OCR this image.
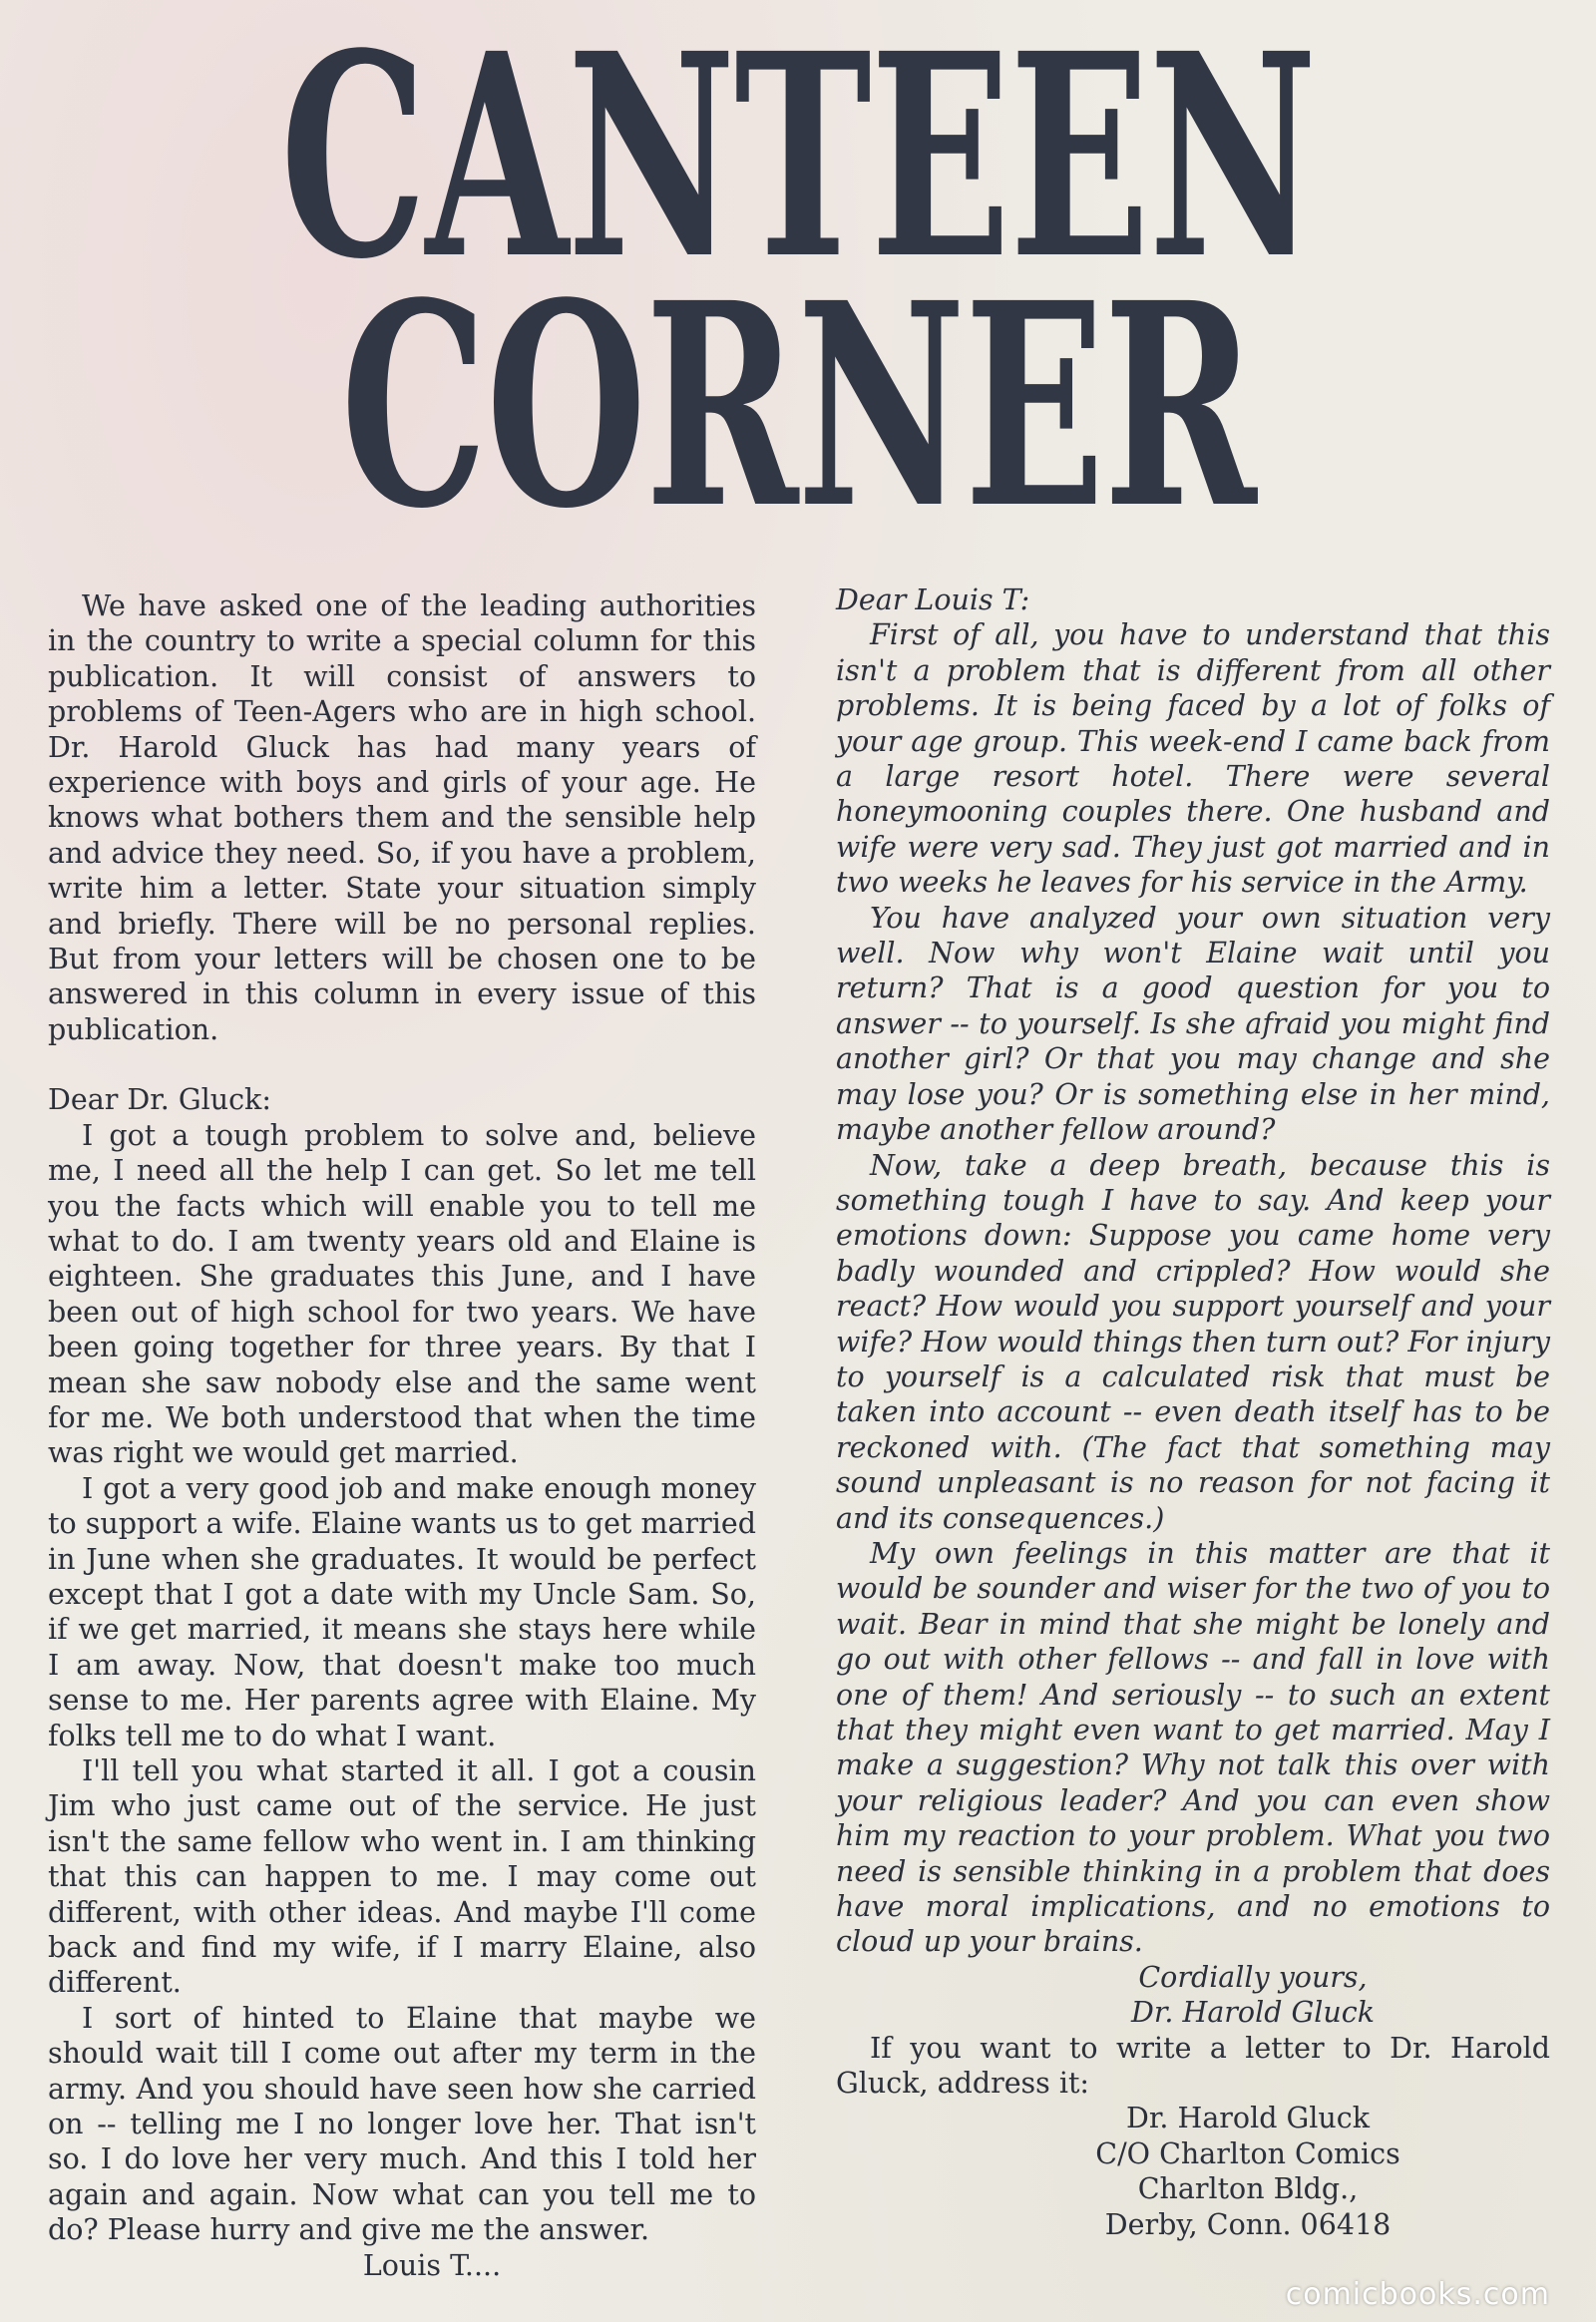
CANTEEN
CORNER

We have asked one of the leading authorities in the country to write a special column for this publication. It will consist of answers to problems of Teen-Agers who are in high school. Dr. Harold Gluck has had many years of experience with boys and girls of your age. He knows what bothers them and the sensible help and advice they need. So, if you have a problem, write him a letter. State your situation simply and briefly. There will be no personal replies. But from your letters will be chosen one to be answered in this column in every issue of this publication.

Dear Dr. Gluck:

I got a tough problem to solve and, believe me, I need all the help I can get. So let me tell you the facts which will enable you to tell me what to do. I am twenty years old and Elaine is eighteen. She graduates this June, and I have been out of high school for two years. We have been going together for three years. By that I mean she saw nobody else and the same went for me. We both understood that when the time was right we would get married.

I got a very good job and make enough money to support a wife. Elaine wants us to get married in June when she graduates. It would be perfect except that I got a date with my Uncle Sam. So, if we get married, it means she stays here while I am away. Now, that doesn't make too much sense to me. Her parents agree with Elaine. My folks tell me to do what I want.

I'll tell you what started it all. I got a cousin Jim who just came out of the service. He just isn't the same fellow who went in. I am thinking that this can happen to me. I may come out different, with other ideas. And maybe I'll come back and find my wife, if I marry Elaine, also different.

I sort of hinted to Elaine that maybe we should wait till I come out after my term in the army. And you should have seen how she carried on -- telling me I no longer love her. That isn't so. I do love her very much. And this I told her again and again. Now what can you tell me to do? Please hurry and give me the answer.

Louis T....

Dear Louis T:

First of all, you have to understand that this isn't a problem that is different from all other problems. It is being faced by a lot of folks of your age group. This week-end I came back from a large resort hotel. There were several honeymooning couples there. One husband and wife were very sad. They just got married and in two weeks he leaves for his service in the Army.

You have analyzed your own situation very well. Now why won't Elaine wait until you return? That is a good question for you to answer -- to yourself. Is she afraid you might find another girl? Or that you may change and she may lose you? Or is something else in her mind, maybe another fellow around?

Now, take a deep breath, because this is something tough I have to say. And keep your emotions down: Suppose you came home very badly wounded and crippled? How would she react? How would you support yourself and your wife? How would things then turn out? For injury to yourself is a calculated risk that must be taken into account -- even death itself has to be reckoned with. (The fact that something may sound unpleasant is no reason for not facing it and its consequences.)

My own feelings in this matter are that it would be sounder and wiser for the two of you to wait. Bear in mind that she might be lonely and go out with other fellows -- and fall in love with one of them! And seriously -- to such an extent that they might even want to get married. May I make a suggestion? Why not talk this over with your religious leader? And you can even show him my reaction to your problem. What you two need is sensible thinking in a problem that does have moral implications, and no emotions to cloud up your brains.

Cordially yours,

Dr. Harold Gluck

If you want to write a letter to Dr. Harold Gluck, address it:

Dr. Harold Gluck

C/O Charlton Comics

Charlton Bldg.,

Derby, Conn. 06418

comicbooks.com
